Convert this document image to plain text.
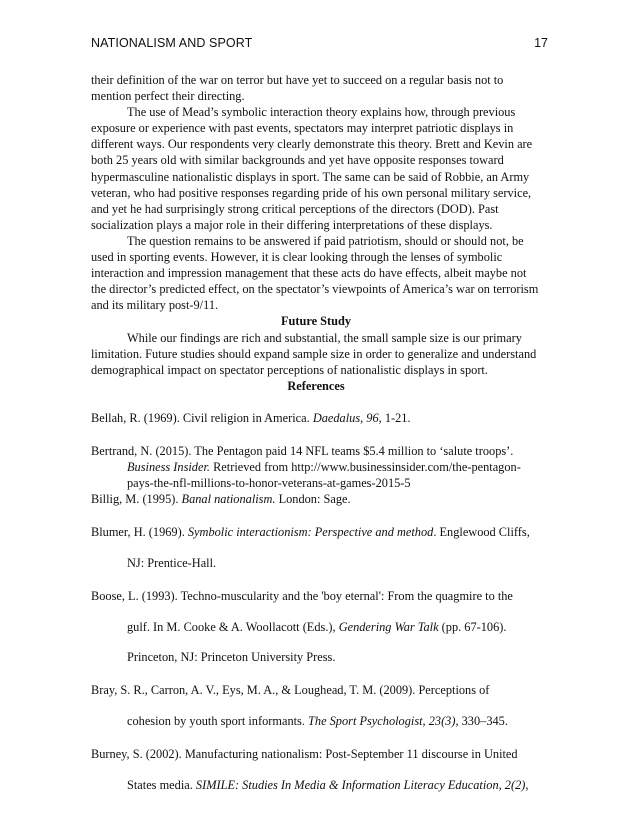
NATIONALISM AND SPORT	17

their definition of the war on terror but have yet to succeed on a regular basis not to mention perfect their directing.

The use of Mead’s symbolic interaction theory explains how, through previous exposure or experience with past events, spectators may interpret patriotic displays in different ways. Our respondents very clearly demonstrate this theory. Brett and Kevin are both 25 years old with similar backgrounds and yet have opposite responses toward hypermasculine nationalistic displays in sport. The same can be said of Robbie, an Army veteran, who had positive responses regarding pride of his own personal military service, and yet he had surprisingly strong critical perceptions of the directors (DOD). Past socialization plays a major role in their differing interpretations of these displays.

The question remains to be answered if paid patriotism, should or should not, be used in sporting events. However, it is clear looking through the lenses of symbolic interaction and impression management that these acts do have effects, albeit maybe not the director’s predicted effect, on the spectator’s viewpoints of America’s war on terrorism and its military post-9/11.

Future Study

While our findings are rich and substantial, the small sample size is our primary limitation. Future studies should expand sample size in order to generalize and understand demographical impact on spectator perceptions of nationalistic displays in sport.

References

Bellah, R. (1969). Civil religion in America. Daedalus, 96, 1-21.

Bertrand, N. (2015). The Pentagon paid 14 NFL teams $5.4 million to ‘salute troops’.
Business Insider. Retrieved from http://www.businessinsider.com/the-pentagon-pays-the-nfl-millions-to-honor-veterans-at-games-2015-5

Billig, M. (1995). Banal nationalism. London: Sage.

Blumer, H. (1969). Symbolic interactionism: Perspective and method. Englewood Cliffs,
NJ: Prentice-Hall.

Boose, L. (1993). Techno-muscularity and the 'boy eternal': From the quagmire to the
gulf. In M. Cooke & A. Woollacott (Eds.), Gendering War Talk (pp. 67-106).
Princeton, NJ: Princeton University Press.

Bray, S. R., Carron, A. V., Eys, M. A., & Loughead, T. M. (2009). Perceptions of
cohesion by youth sport informants. The Sport Psychologist, 23(3), 330–345.

Burney, S. (2002). Manufacturing nationalism: Post-September 11 discourse in United
States media. SIMILE: Studies In Media & Information Literacy Education, 2(2),
